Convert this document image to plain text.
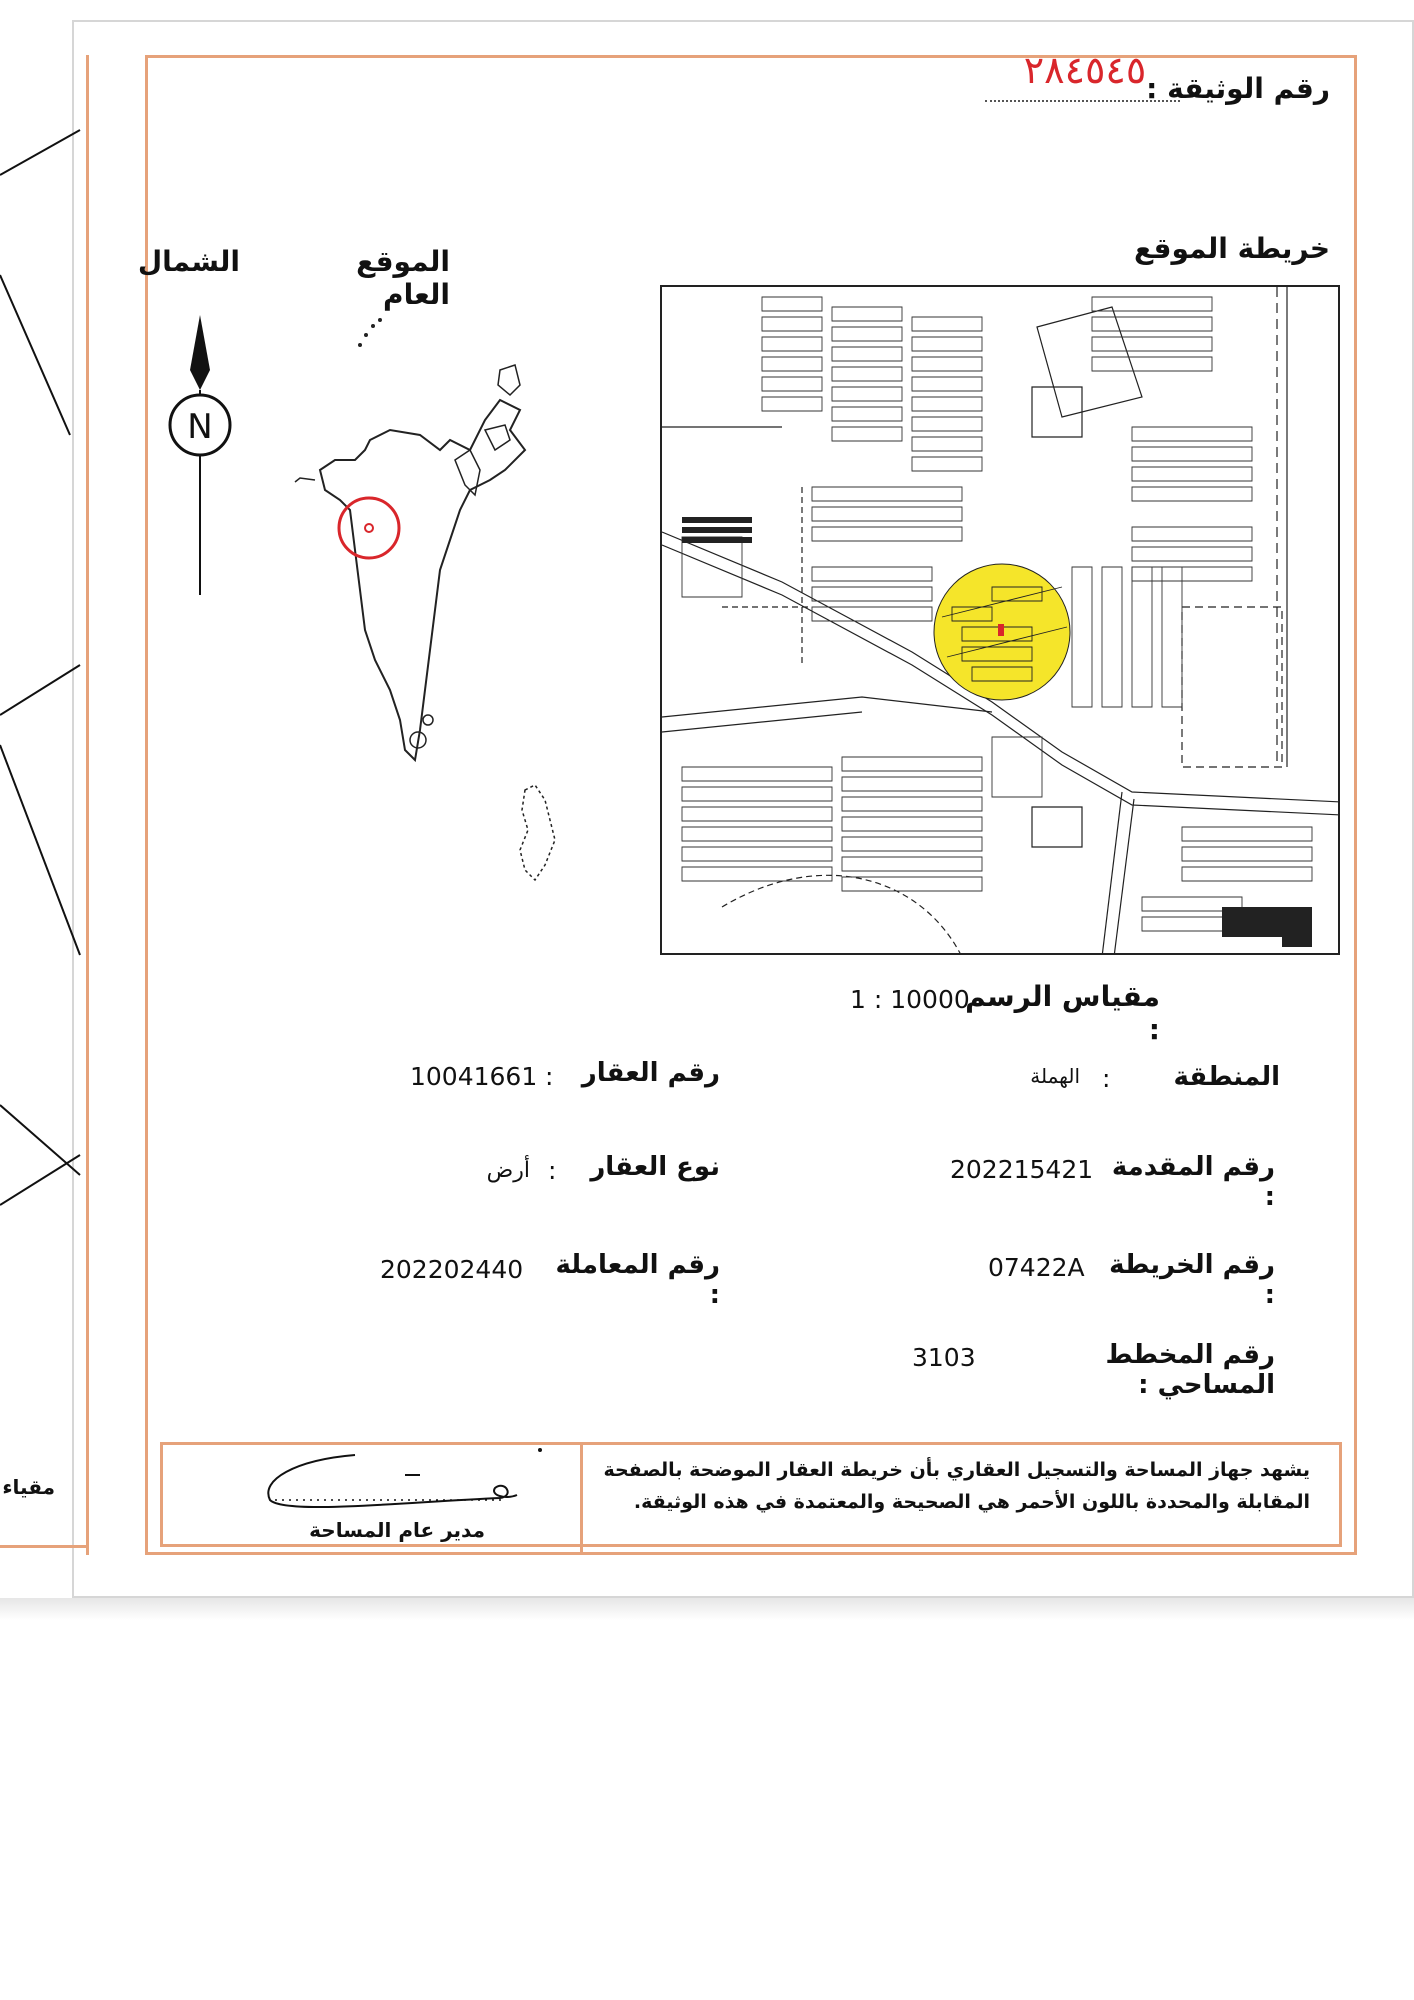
مقياء
رقم الوثيقة :
٢٨٤٥٤٥
خريطة الموقع
الموقع العام
الشمال
N
مقياس الرسم :
1 : 10000
المنطقة
:
الهملة
رقم المقدمة :
202215421
رقم الخريطة :
07422A
رقم المخطط المساحي :
3103
رقم العقار
:
10041661
نوع العقار
:
أرض
رقم المعاملة :
202202440
يشهد جهاز المساحة والتسجيل العقاري بأن خريطة العقار الموضحة بالصفحة
المقابلة والمحددة باللون الأحمر هي الصحيحة والمعتمدة في هذه الوثيقة.
مدير عام المساحة
